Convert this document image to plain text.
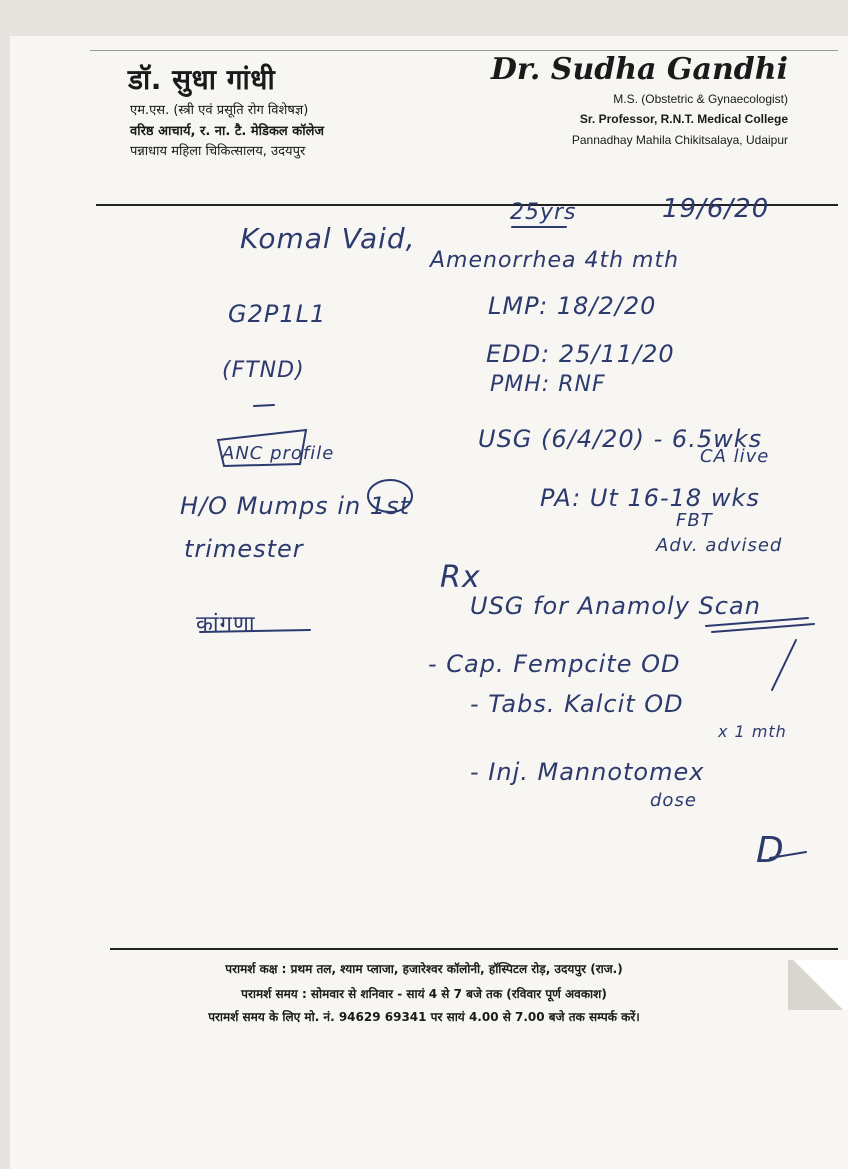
डॉ. सुधा गांधी
एम.एस. (स्त्री एवं प्रसूति रोग विशेषज्ञ)
वरिष्ठ आचार्य, र. ना. टै. मेडिकल कॉलेज
पन्नाधाय महिला चिकित्सालय, उदयपुर
Dr. Sudha Gandhi
M.S. (Obstetric & Gynaecologist)
Sr. Professor, R.N.T. Medical College
Pannadhay Mahila Chikitsalaya, Udaipur
25yrs	19/6/20
Komal Vaid,
Amenorrhea 4th mth
G2P1L1
(FTND)
LMP: 18/2/20
EDD: 25/11/20
PMH: RNF
USG (6/4/20) - 6.5wks
CA live
ANC profile
H/O Mumps in 1st
trimester
PA: Ut 16-18 wks
FBT
Adv. advised
Rx
USG for Anamoly Scan
कांगणा
- Cap. Fempcite OD
- Tabs. Kalcit OD
x 1 mth
- Inj. Mannotomex
dose
D
परामर्श कक्ष : प्रथम तल, श्याम प्लाजा, हजारेश्वर कॉलोनी, हॉस्पिटल रोड़, उदयपुर (राज.)
परामर्श समय : सोमवार से शनिवार - सायं 4 से 7 बजे तक (रविवार पूर्ण अवकाश)
परामर्श समय के लिए मो. नं. 94629 69341 पर सायं 4.00 से 7.00 बजे तक सम्पर्क करें।
